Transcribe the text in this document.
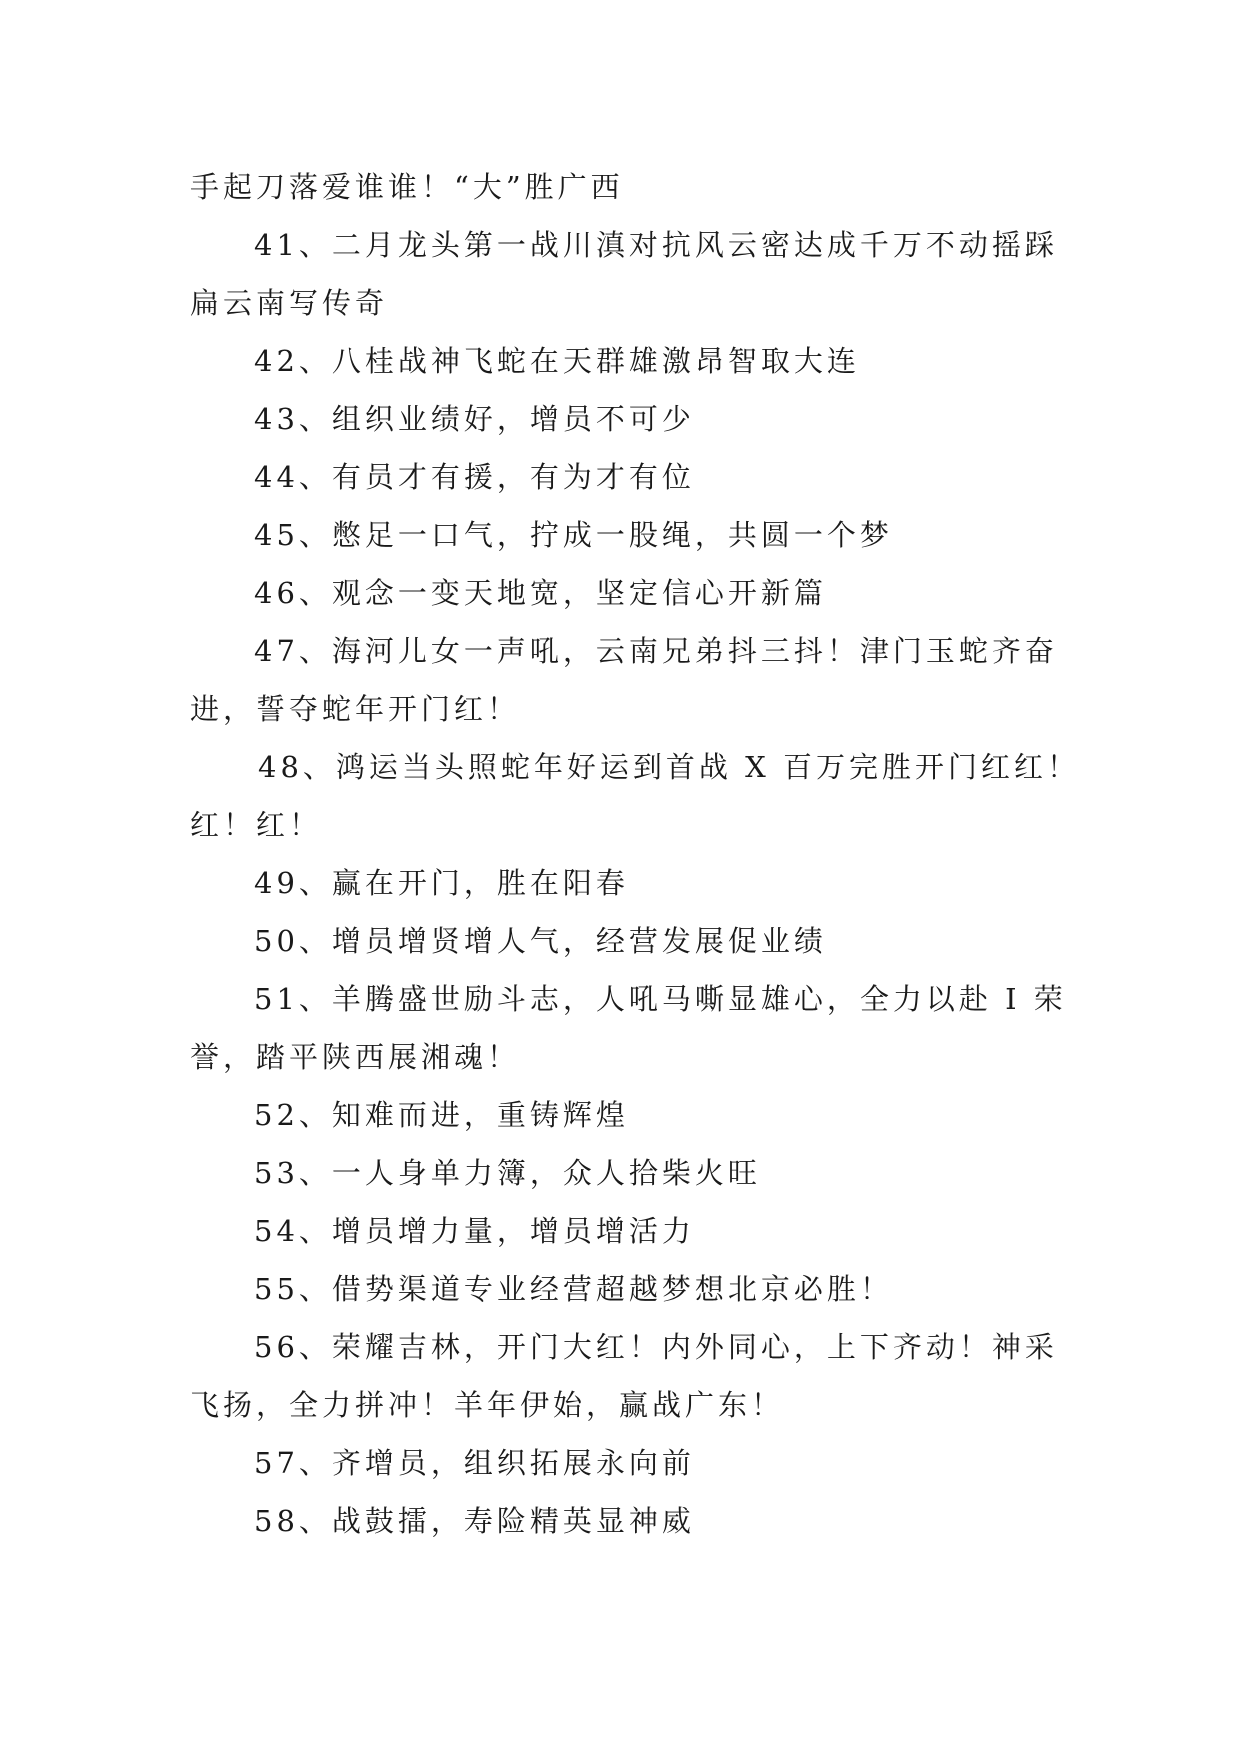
手起刀落爱谁谁！“大”胜广西
41、二月龙头第一战川滇对抗风云密达成千万不动摇踩
扁云南写传奇
42、八桂战神飞蛇在天群雄激昂智取大连
43、组织业绩好，增员不可少
44、有员才有援，有为才有位
45、憋足一口气，拧成一股绳，共圆一个梦
46、观念一变天地宽，坚定信心开新篇
47、海河儿女一声吼，云南兄弟抖三抖！津门玉蛇齐奋
进，誓夺蛇年开门红！
48、鸿运当头照蛇年好运到首战 X 百万完胜开门红红！
红！红！
49、赢在开门，胜在阳春
50、增员增贤增人气，经营发展促业绩
51、羊腾盛世励斗志，人吼马嘶显雄心，全力以赴 I 荣
誉，踏平陕西展湘魂！
52、知难而进，重铸辉煌
53、一人身单力簿，众人拾柴火旺
54、增员增力量，增员增活力
55、借势渠道专业经营超越梦想北京必胜！
56、荣耀吉林，开门大红！内外同心，上下齐动！神采
飞扬，全力拼冲！羊年伊始，赢战广东！
57、齐增员，组织拓展永向前
58、战鼓擂，寿险精英显神威
